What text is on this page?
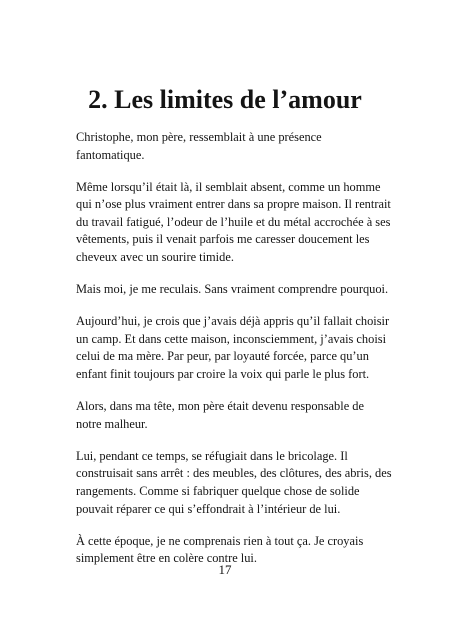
2. Les limites de l’amour

Christophe, mon père, ressemblait à une présence fantomatique.

Même lorsqu’il était là, il semblait absent, comme un homme qui n’ose plus vraiment entrer dans sa propre maison. Il rentrait du travail fatigué, l’odeur de l’huile et du métal accrochée à ses vêtements, puis il venait parfois me caresser doucement les cheveux avec un sourire timide.

Mais moi, je me reculais. Sans vraiment comprendre pourquoi.

Aujourd’hui, je crois que j’avais déjà appris qu’il fallait choisir un camp. Et dans cette maison, inconsciemment, j’avais choisi celui de ma mère. Par peur, par loyauté forcée, parce qu’un enfant finit toujours par croire la voix qui parle le plus fort.

Alors, dans ma tête, mon père était devenu responsable de notre malheur.

Lui, pendant ce temps, se réfugiait dans le bricolage. Il construisait sans arrêt : des meubles, des clôtures, des abris, des rangements. Comme si fabriquer quelque chose de solide pouvait réparer ce qui s’effondrait à l’intérieur de lui.

À cette époque, je ne comprenais rien à tout ça. Je croyais simplement être en colère contre lui.

17
